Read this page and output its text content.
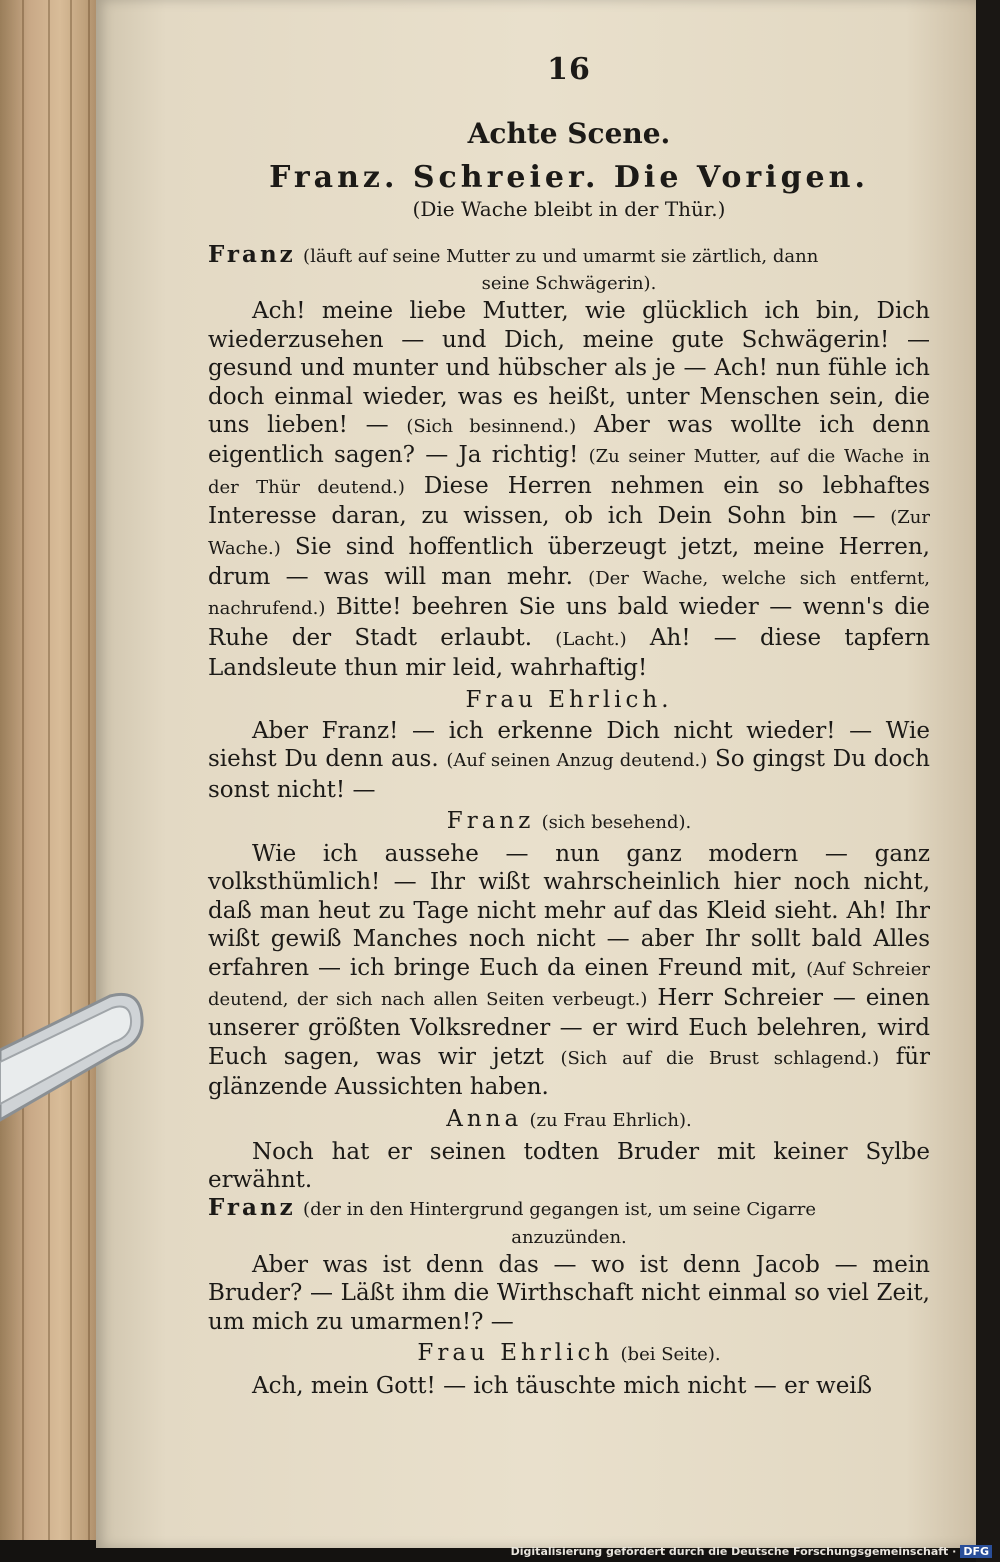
16
Achte Scene.
Franz. Schreier. Die Vorigen.
(Die Wache bleibt in der Thür.)

Franz (läuft auf seine Mutter zu und umarmt sie zärtlich, dann

seine Schwägerin).

Ach! meine liebe Mutter, wie glücklich ich bin, Dich wiederzusehen — und Dich, meine gute Schwägerin! — gesund und munter und hübscher als je — Ach! nun fühle ich doch einmal wieder, was es heißt, unter Menschen sein, die uns lieben! — (Sich besinnend.) Aber was wollte ich denn eigentlich sagen? — Ja richtig! (Zu seiner Mutter, auf die Wache in der Thür deutend.) Diese Herren nehmen ein so lebhaftes Interesse daran, zu wissen, ob ich Dein Sohn bin — (Zur Wache.) Sie sind hoffentlich überzeugt jetzt, meine Herren, drum — was will man mehr. (Der Wache, welche sich entfernt, nachrufend.) Bitte! beehren Sie uns bald wieder — wenn's die Ruhe der Stadt erlaubt. (Lacht.) Ah! — diese tapfern Landsleute thun mir leid, wahrhaftig!

Frau Ehrlich.

Aber Franz! — ich erkenne Dich nicht wieder! — Wie siehst Du denn aus. (Auf seinen Anzug deutend.) So gingst Du doch sonst nicht! —

Franz (sich besehend).

Wie ich aussehe — nun ganz modern — ganz volksthümlich! — Ihr wißt wahrscheinlich hier noch nicht, daß man heut zu Tage nicht mehr auf das Kleid sieht. Ah! Ihr wißt gewiß Manches noch nicht — aber Ihr sollt bald Alles erfahren — ich bringe Euch da einen Freund mit, (Auf Schreier deutend, der sich nach allen Seiten verbeugt.) Herr Schreier — einen unserer größten Volksredner — er wird Euch belehren, wird Euch sagen, was wir jetzt (Sich auf die Brust schlagend.) für glänzende Aussichten haben.

Anna (zu Frau Ehrlich).

Noch hat er seinen todten Bruder mit keiner Sylbe erwähnt.

Franz (der in den Hintergrund gegangen ist, um seine Cigarre

anzuzünden.

Aber was ist denn das — wo ist denn Jacob — mein Bruder? — Läßt ihm die Wirthschaft nicht einmal so viel Zeit, um mich zu umarmen!? —

Frau Ehrlich (bei Seite).

Ach, mein Gott! — ich täuschte mich nicht — er weiß

Digitalisierung gefördert durch die Deutsche Forschungsgemeinschaft · DFG
